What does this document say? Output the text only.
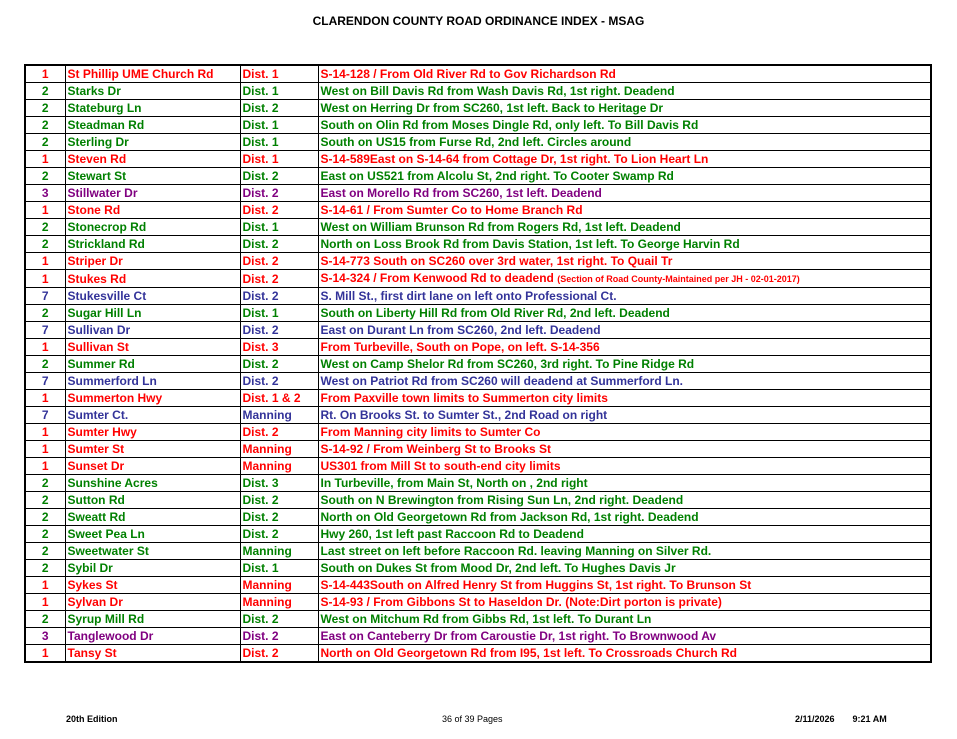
CLARENDON COUNTY ROAD ORDINANCE INDEX - MSAG
1	St Phillip UME Church Rd	Dist. 1	S-14-128 / From Old River Rd to Gov Richardson Rd
2	Starks Dr	Dist. 1	West on Bill Davis Rd from Wash Davis Rd, 1st right. Deadend
2	Stateburg Ln	Dist. 2	West on Herring Dr from SC260, 1st left. Back to Heritage Dr
2	Steadman Rd	Dist. 1	South on Olin Rd from Moses Dingle Rd, only left. To Bill Davis Rd
2	Sterling Dr	Dist. 1	South on US15 from Furse Rd, 2nd left. Circles around
1	Steven Rd	Dist. 1	S-14-589East on S-14-64 from Cottage Dr, 1st right. To Lion Heart Ln
2	Stewart St	Dist. 2	East on US521 from Alcolu St, 2nd right. To Cooter Swamp Rd
3	Stillwater Dr	Dist. 2	East on Morello Rd from SC260, 1st left. Deadend
1	Stone Rd	Dist. 2	S-14-61 / From Sumter Co to Home Branch Rd
2	Stonecrop Rd	Dist. 1	West on William Brunson Rd from Rogers Rd, 1st left. Deadend
2	Strickland Rd	Dist. 2	North on Loss Brook Rd from Davis Station, 1st left. To George Harvin Rd
1	Striper Dr	Dist. 2	S-14-773 South on SC260 over 3rd water, 1st right. To Quail Tr
1	Stukes Rd	Dist. 2	S-14-324 / From Kenwood Rd to deadend (Section of Road County-Maintained per JH - 02-01-2017)
7	Stukesville Ct	Dist. 2	S. Mill St., first dirt lane on left onto Professional Ct.
2	Sugar Hill Ln	Dist. 1	South on Liberty Hill Rd from Old River Rd, 2nd left. Deadend
7	Sullivan Dr	Dist. 2	East on Durant Ln from SC260, 2nd left. Deadend
1	Sullivan St	Dist. 3	From Turbeville, South on Pope, on left. S-14-356
2	Summer Rd	Dist. 2	West on Camp Shelor Rd from SC260, 3rd right. To Pine Ridge Rd
7	Summerford Ln	Dist. 2	West on Patriot Rd from SC260 will deadend at Summerford Ln.
1	Summerton Hwy	Dist. 1 & 2	From Paxville town limits to Summerton city limits
7	Sumter Ct.	Manning	Rt. On Brooks St. to Sumter St., 2nd Road on right
1	Sumter Hwy	Dist. 2	From Manning city limits to Sumter Co
1	Sumter St	Manning	S-14-92 / From Weinberg St to Brooks St
1	Sunset Dr	Manning	US301 from Mill St to south-end city limits
2	Sunshine Acres	Dist. 3	In Turbeville, from Main St, North on , 2nd right
2	Sutton Rd	Dist. 2	South on N Brewington from Rising Sun Ln, 2nd right. Deadend
2	Sweatt Rd	Dist. 2	North on Old Georgetown Rd from Jackson Rd, 1st right. Deadend
2	Sweet Pea Ln	Dist. 2	Hwy 260, 1st left past Raccoon Rd to Deadend
2	Sweetwater St	Manning	Last street on left before Raccoon Rd. leaving Manning on Silver Rd.
2	Sybil Dr	Dist. 1	South on Dukes St from Mood Dr, 2nd left. To Hughes Davis Jr
1	Sykes St	Manning	S-14-443South on Alfred Henry St from Huggins St, 1st right. To Brunson St
1	Sylvan Dr	Manning	S-14-93 / From Gibbons St to Haseldon Dr. (Note:Dirt porton is private)
2	Syrup Mill Rd	Dist. 2	West on Mitchum Rd from Gibbs Rd, 1st left. To Durant Ln
3	Tanglewood Dr	Dist. 2	East on Canteberry Dr from Caroustie Dr, 1st right. To Brownwood Av
1	Tansy St	Dist. 2	North on Old Georgetown Rd from I95, 1st left. To Crossroads Church Rd
20th Edition	36 of 39 Pages	2/11/2026 9:21 AM
